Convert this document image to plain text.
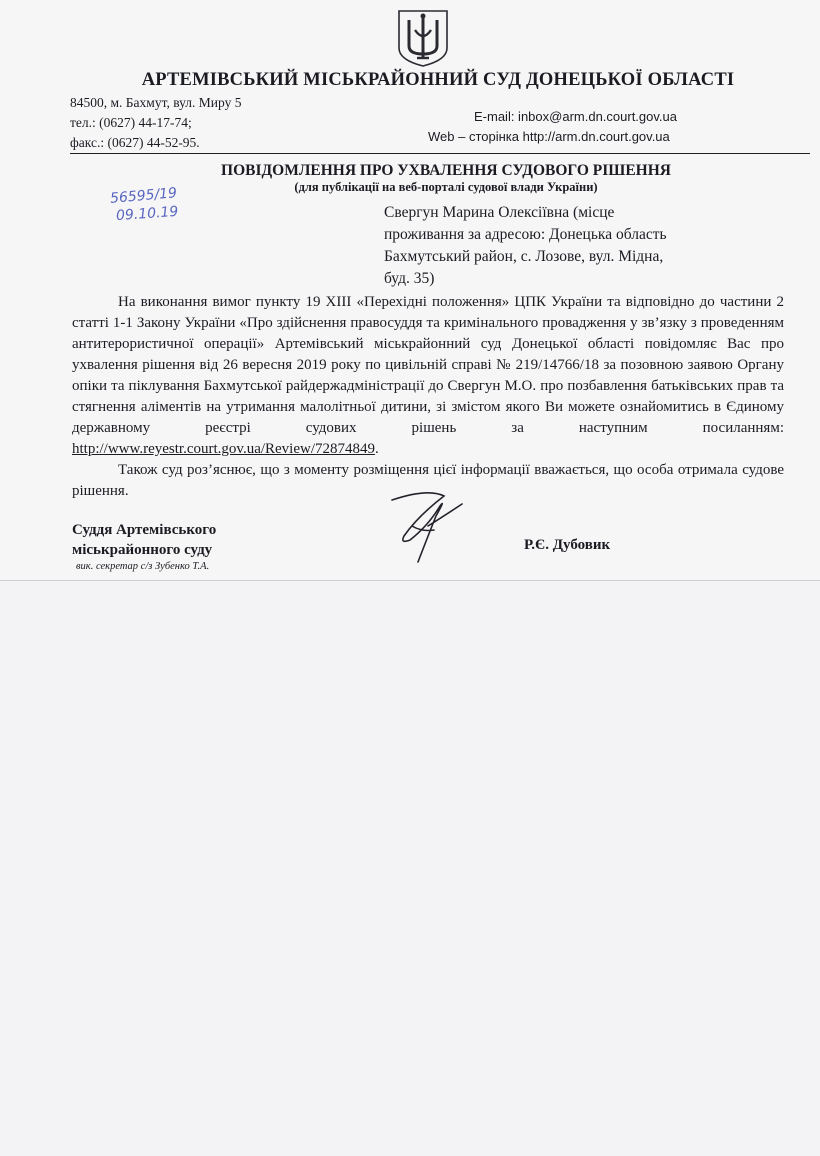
АРТЕМІВСЬКИЙ МІСЬКРАЙОННИЙ СУД ДОНЕЦЬКОЇ ОБЛАСТІ
84500, м. Бахмут, вул. Миру 5
тел.: (0627) 44-17-74;
факс.: (0627) 44-52-95.
E-mail: inbox@arm.dn.court.gov.ua
Web – сторінка http://arm.dn.court.gov.ua
ПОВІДОМЛЕННЯ ПРО УХВАЛЕННЯ СУДОВОГО РІШЕННЯ
(для публікації на веб-порталі судової влади України)
56595/19
09.10.19	Свергун Марина Олексіївна (місце
проживання за адресою: Донецька область
Бахмутський район, с. Лозове, вул. Мідна,
буд. 35)

На виконання вимог пункту 19 ХІІІ «Перехідні положення» ЦПК України та відповідно до частини 2 статті 1-1 Закону України «Про здійснення правосуддя та кримінального провадження у зв’язку з проведенням антитерористичної операції» Артемівський міськрайонний суд Донецької області повідомляє Вас про ухвалення рішення від 26 вересня 2019 року по цивільній справі № 219/14766/18 за позовною заявою Органу опіки та піклування Бахмутської райдержадміністрації до Свергун М.О. про позбавлення батьківських прав та стягнення аліментів на утримання малолітньої дитини, зі змістом якого Ви можете ознайомитись в Єдиному державному реєстрі судових рішень за наступним посиланням: http://www.reyestr.court.gov.ua/Review/72874849.

Також суд роз’яснює, що з моменту розміщення цієї інформації вважається, що особа отримала судове рішення.

Суддя Артемівського
міськрайонного суду
вик. секретар с/з Зубенко Т.А.
Р.Є. Дубовик
